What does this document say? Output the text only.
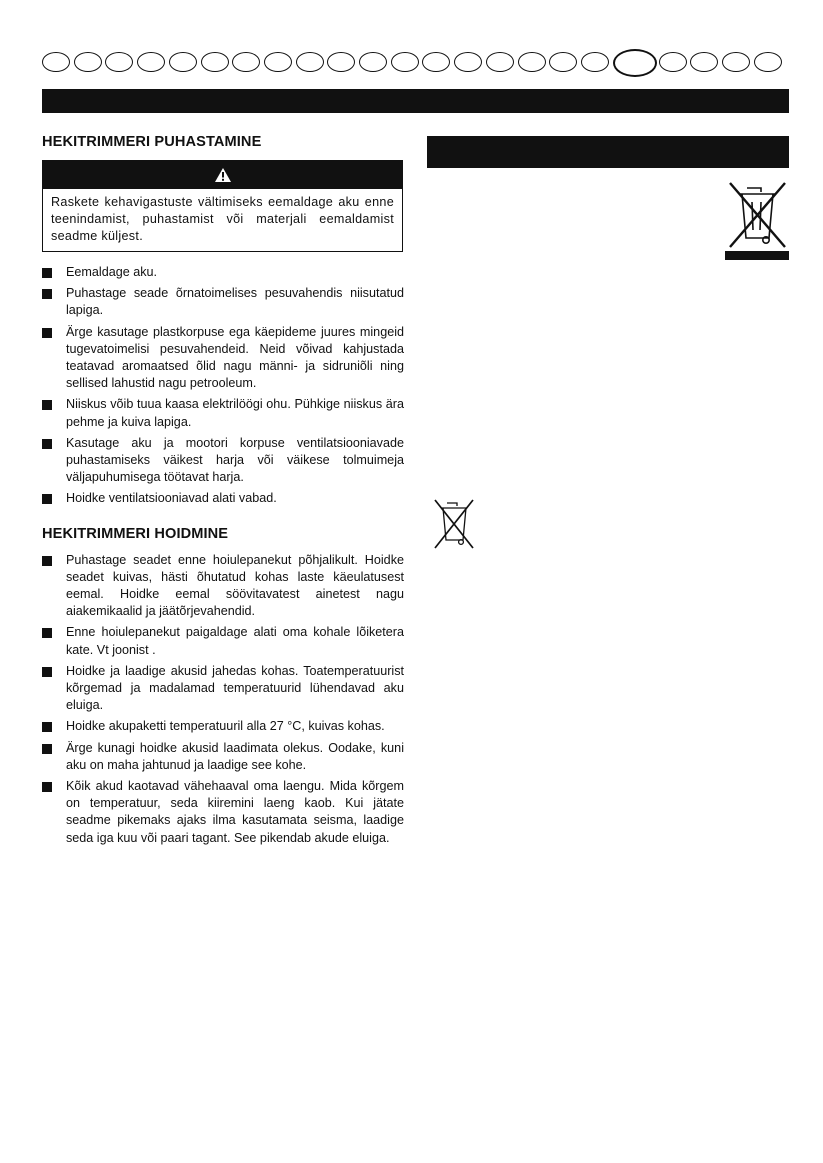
HEKITRIMMERI PUHASTAMINE
Raskete kehavigastuste vältimiseks eemaldage aku enne teenindamist, puhastamist või materjali eemaldamist seadme küljest.
Eemaldage aku.
Puhastage seade õrnatoimelises pesuvahendis niisutatud lapiga.
Ärge kasutage plastkorpuse ega käepideme juures mingeid tugevatoimelisi pesuvahendeid. Neid võivad kahjustada teatavad aromaatsed õlid nagu männi- ja sidruniõli ning sellised lahustid nagu petrooleum.
Niiskus võib tuua kaasa elektrilöögi ohu. Pühkige niiskus ära pehme ja kuiva lapiga.
Kasutage aku ja mootori korpuse ventilatsiooniavade puhastamiseks väikest harja või väikese tolmuimeja väljapuhumisega töötavat harja.
Hoidke ventilatsiooniavad alati vabad.
HEKITRIMMERI HOIDMINE
Puhastage seadet enne hoiulepanekut põhjalikult. Hoidke seadet kuivas, hästi õhutatud kohas laste käeulatusest eemal. Hoidke eemal söövitavatest ainetest nagu aiakemikaalid ja jäätõrjevahendid.
Enne hoiulepanekut paigaldage alati oma kohale lõiketera kate. Vt joonist .
Hoidke ja laadige akusid jahedas kohas. Toatemperatuurist kõrgemad ja madalamad temperatuurid lühendavad aku eluiga.
Hoidke akupaketti temperatuuril alla 27 °C, kuivas kohas.
Ärge kunagi hoidke akusid laadimata olekus. Oodake, kuni aku on maha jahtunud ja laadige see kohe.
Kõik akud kaotavad vähehaaval oma laengu. Mida kõrgem on temperatuur, seda kiiremini laeng kaob. Kui jätate seadme pikemaks ajaks ilma kasutamata seisma, laadige seda iga kuu või paari tagant. See pikendab akude eluiga.
